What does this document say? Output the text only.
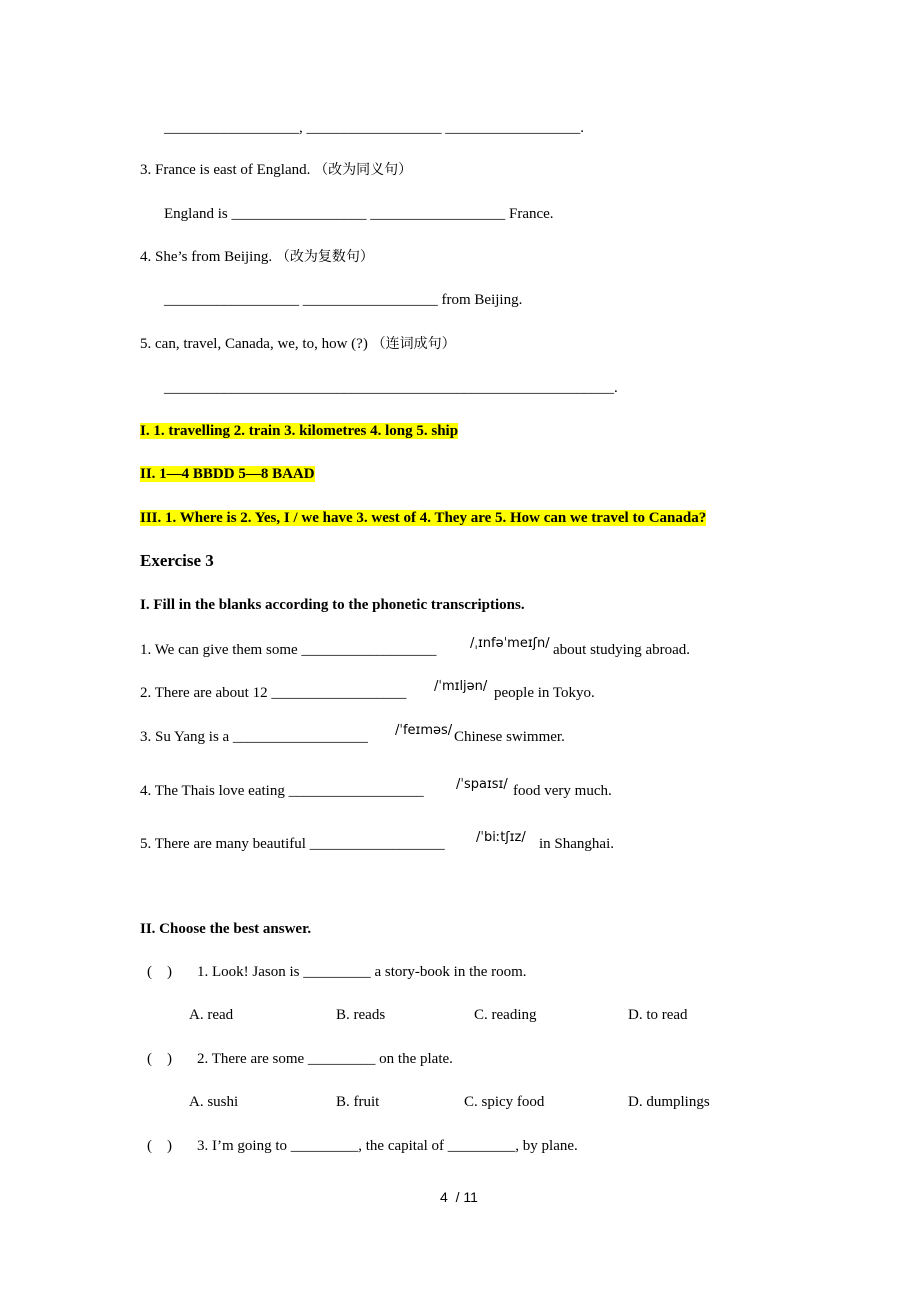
__________________, __________________ __________________.
3. France is east of England. （改为同义句）
England is __________________ __________________ France.
4. She’s from Beijing. （改为复数句）
__________________ __________________ from Beijing.
5. can, travel, Canada, we, to, how (?) （连词成句）
____________________________________________________________.
I. 1. travelling 2. train 3. kilometres 4. long 5. ship
II. 1—4 BBDD 5—8 BAAD
III. 1. Where is 2. Yes, I / we have 3. west of 4. They are 5. How can we travel to Canada?
Exercise 3
I. Fill in the blanks according to the phonetic transcriptions.
1. We can give them some __________________	/ˌɪnfəˈmeɪʃn/ about studying abroad.
2. There are about 12 __________________ /ˈmɪljən/ people in Tokyo.
3. Su Yang is a __________________ /ˈfeɪməs/ Chinese swimmer.
4. The Thais love eating __________________ /ˈspaɪsɪ/ food very much.
5. There are many beautiful __________________ /ˈbiːtʃɪz/ in Shanghai.
II. Choose the best answer.
(    ) 1. Look! Jason is _________ a story-book in the room.
A. read	B. reads	C. reading	D. to read
(    ) 2. There are some _________ on the plate.
A. sushi	B. fruit	C. spicy food	D. dumplings
(    ) 3. I’m going to _________, the capital of _________, by plane.
4  / 11
